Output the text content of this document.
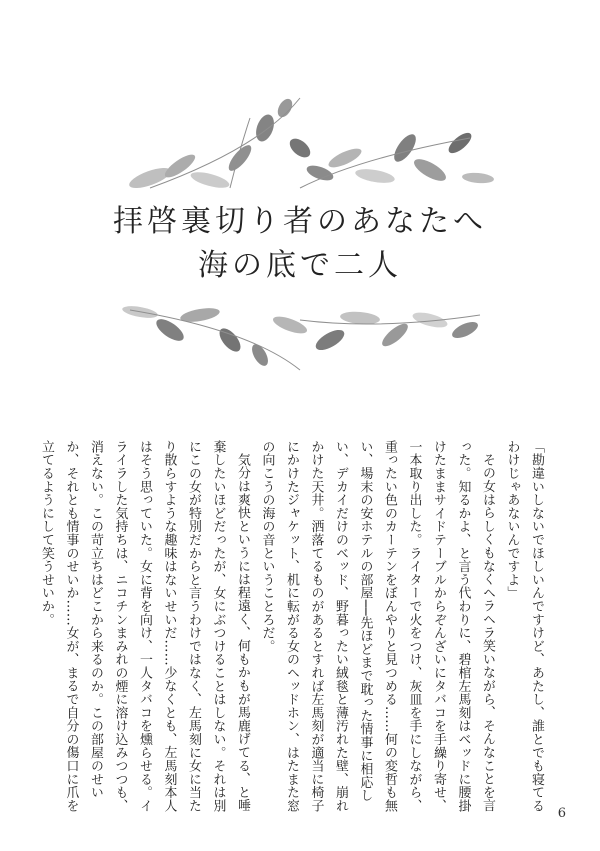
拝啓裏切り者のあなたへ
海の底で二人

「勘違いしないでほしいんですけど、あたし、誰とでも寝てるわけじゃあないんですよ」

その女はらしくもなくヘラヘラ笑いながら、そんなことを言った。知るかよ、と言う代わりに、碧棺左馬刻はベッドに腰掛けたままサイドテーブルからぞんざいにタバコを手繰り寄せ、一本取り出した。ライターで火をつけ、灰皿を手にしながら、重ったい色のカーテンをぼんやりと見つめる……何の変哲も無い、場末の安ホテルの部屋──先ほどまで耽った情事に相応しい、デカイだけのベッド、野暮ったい絨毯と薄汚れた壁、崩れかけた天井。洒落てるものがあるとすれば左馬刻が適当に椅子にかけたジャケット、机に転がる女のヘッドホン、はたまた窓の向こうの海の音ということろだ。

気分は爽快というには程遠く、何もかもが馬鹿げてる、と唾棄したいほどだったが、女にぶつけることはしない。それは別にこの女が特別だからと言うわけではなく、左馬刻に女に当たり散らすような趣味はないせいだ……少なくとも、左馬刻本人はそう思っていた。女に背を向け、一人タバコを燻らせる。イライラした気持ちは、ニコチンまみれの煙に溶け込みつつも、消えない。この苛立ちはどこから来るのか。この部屋のせいか、それとも情事のせいか……女が、まるで自分の傷口に爪を立てるようにして笑うせいか。

6
